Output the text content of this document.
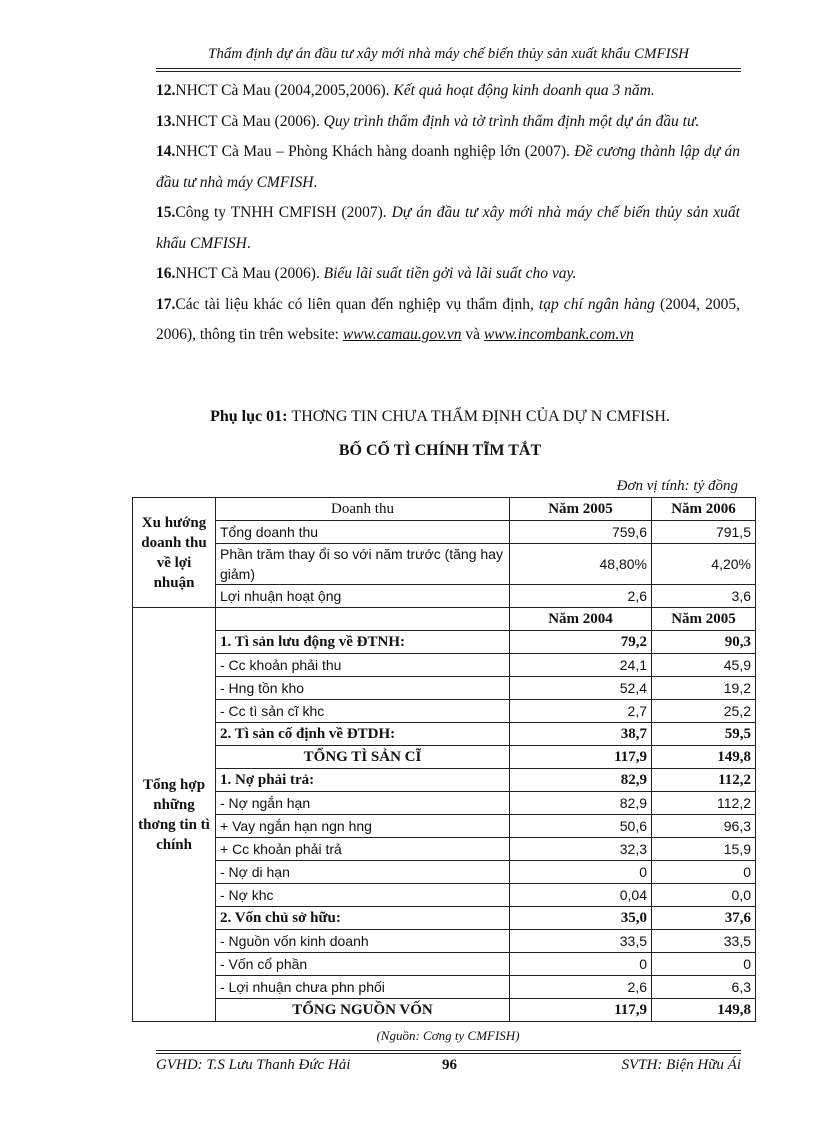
Thẩm định dự án đầu tư xây mới nhà máy chế biến thủy sản xuất khẩu CMFISH
12.NHCT Cà Mau (2004,2005,2006). Kết quả hoạt động kinh doanh qua 3 năm.
13.NHCT Cà Mau (2006). Quy trình thẩm định và tờ trình thẩm định một dự án đầu tư.
14.NHCT Cà Mau – Phòng Khách hàng doanh nghiệp lớn (2007). Đề cương thành lập dự án đầu tư nhà máy CMFISH.
15.Công ty TNHH CMFISH (2007). Dự án đầu tư xây mới nhà máy chế biến thủy sản xuất khẩu CMFISH.
16.NHCT Cà Mau (2006). Biểu lãi suất tiền gởi và lãi suất cho vay.
17.Các tài liệu khác có liên quan đến nghiệp vụ thẩm định, tạp chí ngân hàng (2004, 2005, 2006), thông tin trên website: www.camau.gov.vn và www.incombank.com.vn
Phụ lục 01: THƠNG TIN CHƯA THẨM ĐỊNH CỦA DỰ N CMFISH.
BỐ CỐ TÌ CHÍNH TĨM TẮT
Đơn vị tính: tỷ đồng
Xu hướng doanh thu về lợi nhuận	Doanh thu	Năm 2005	Năm 2006
	Tổng doanh thu	759,6	791,5
	Phần trăm thay ổi so với năm trước (tăng hay giảm)	48,80%	4,20%
	Lợi nhuận hoạt ộng	2,6	3,6
Tổng hợp những thơng tin tì chính		Năm 2004	Năm 2005
	1. Tì sản lưu động về ĐTNH:	79,2	90,3
	- Cc khoản phải thu	24,1	45,9
	- Hng tồn kho	52,4	19,2
	- Cc tì sản cĩ khc	2,7	25,2
	2. Tì sản cố định về ĐTDH:	38,7	59,5
	TỔNG TÌ SẢN CĨ	117,9	149,8
	1. Nợ phải trả:	82,9	112,2
	- Nợ ngắn hạn	82,9	112,2
	+ Vay ngắn hạn ngn hng	50,6	96,3
	+ Cc khoản phải trả	32,3	15,9
	- Nợ di hạn	0	0
	- Nợ khc	0,04	0,0
	2. Vốn chủ sở hữu:	35,0	37,6
	- Nguồn vốn kinh doanh	33,5	33,5
	- Vốn cổ phần	0	0
	- Lợi nhuận chưa phn phối	2,6	6,3
	TỔNG NGUỒN VỐN	117,9	149,8
(Nguồn: Cơng ty CMFISH)
GVHD: T.S Lưu Thanh Đức Hải	96	SVTH: Biện Hữu Ái
